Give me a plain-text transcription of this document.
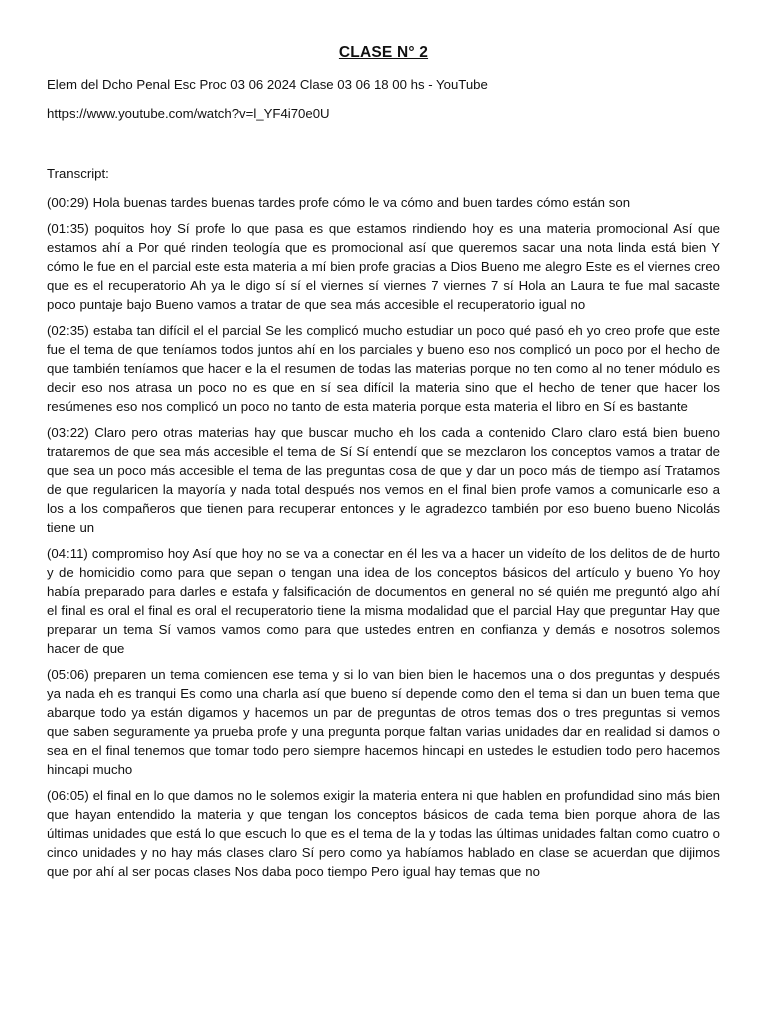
CLASE N° 2

Elem del Dcho Penal Esc Proc 03 06 2024 Clase 03 06 18 00 hs - YouTube

https://www.youtube.com/watch?v=l_YF4i70e0U

Transcript:

(00:29) Hola buenas tardes buenas tardes profe cómo le va cómo and buen tardes cómo están son

(01:35) poquitos hoy Sí profe lo que pasa es que estamos rindiendo hoy es una materia promocional Así que estamos ahí a Por qué rinden teología que es promocional así que queremos sacar una nota linda está bien Y cómo le fue en el parcial este esta materia a mí bien profe gracias a Dios Bueno me alegro Este es el viernes creo que es el recuperatorio Ah ya le digo sí sí el viernes sí viernes 7 viernes 7 sí Hola an Laura te fue mal sacaste poco puntaje bajo Bueno vamos a tratar de que sea más accesible el recuperatorio igual no

(02:35) estaba tan difícil el el parcial Se les complicó mucho estudiar un poco qué pasó eh yo creo profe que este fue el tema de que teníamos todos juntos ahí en los parciales y bueno eso nos complicó un poco por el hecho de que también teníamos que hacer e la el resumen de todas las materias porque no ten como al no tener módulo es decir eso nos atrasa un poco no es que en sí sea difícil la materia sino que el hecho de tener que hacer los resúmenes eso nos complicó un poco no tanto de esta materia porque esta materia el libro en Sí es bastante

(03:22) Claro pero otras materias hay que buscar mucho eh los cada a contenido Claro claro está bien bueno trataremos de que sea más accesible el tema de Sí Sí entendí que se mezclaron los conceptos vamos a tratar de que sea un poco más accesible el tema de las preguntas cosa de que y dar un poco más de tiempo así Tratamos de que regularicen la mayoría y nada total después nos vemos en el final bien profe vamos a comunicarle eso a los a los compañeros que tienen para recuperar entonces y le agradezco también por eso bueno bueno Nicolás tiene un

(04:11) compromiso hoy Así que hoy no se va a conectar en él les va a hacer un videíto de los delitos de de hurto y de homicidio como para que sepan o tengan una idea de los conceptos básicos del artículo y bueno Yo hoy había preparado para darles e estafa y falsificación de documentos en general no sé quién me preguntó algo ahí el final es oral el final es oral el recuperatorio tiene la misma modalidad que el parcial Hay que preguntar Hay que preparar un tema Sí vamos vamos como para que ustedes entren en confianza y demás e nosotros solemos hacer de que

(05:06) preparen un tema comiencen ese tema y si lo van bien bien le hacemos una o dos preguntas y después ya nada eh es tranqui Es como una charla así que bueno sí depende como den el tema si dan un buen tema que abarque todo ya están digamos y hacemos un par de preguntas de otros temas dos o tres preguntas si vemos que saben seguramente ya prueba profe y una pregunta porque faltan varias unidades dar en realidad si damos o sea en el final tenemos que tomar todo pero siempre hacemos hincapi en ustedes le estudien todo pero hacemos hincapi mucho

(06:05) el final en lo que damos no le solemos exigir la materia entera ni que hablen en profundidad sino más bien que hayan entendido la materia y que tengan los conceptos básicos de cada tema bien porque ahora de las últimas unidades que está lo que escuch lo que es el tema de la y todas las últimas unidades faltan como cuatro o cinco unidades y no hay más clases claro Sí pero como ya habíamos hablado en clase se acuerdan que dijimos que por ahí al ser pocas clases Nos daba poco tiempo Pero igual hay temas que no
